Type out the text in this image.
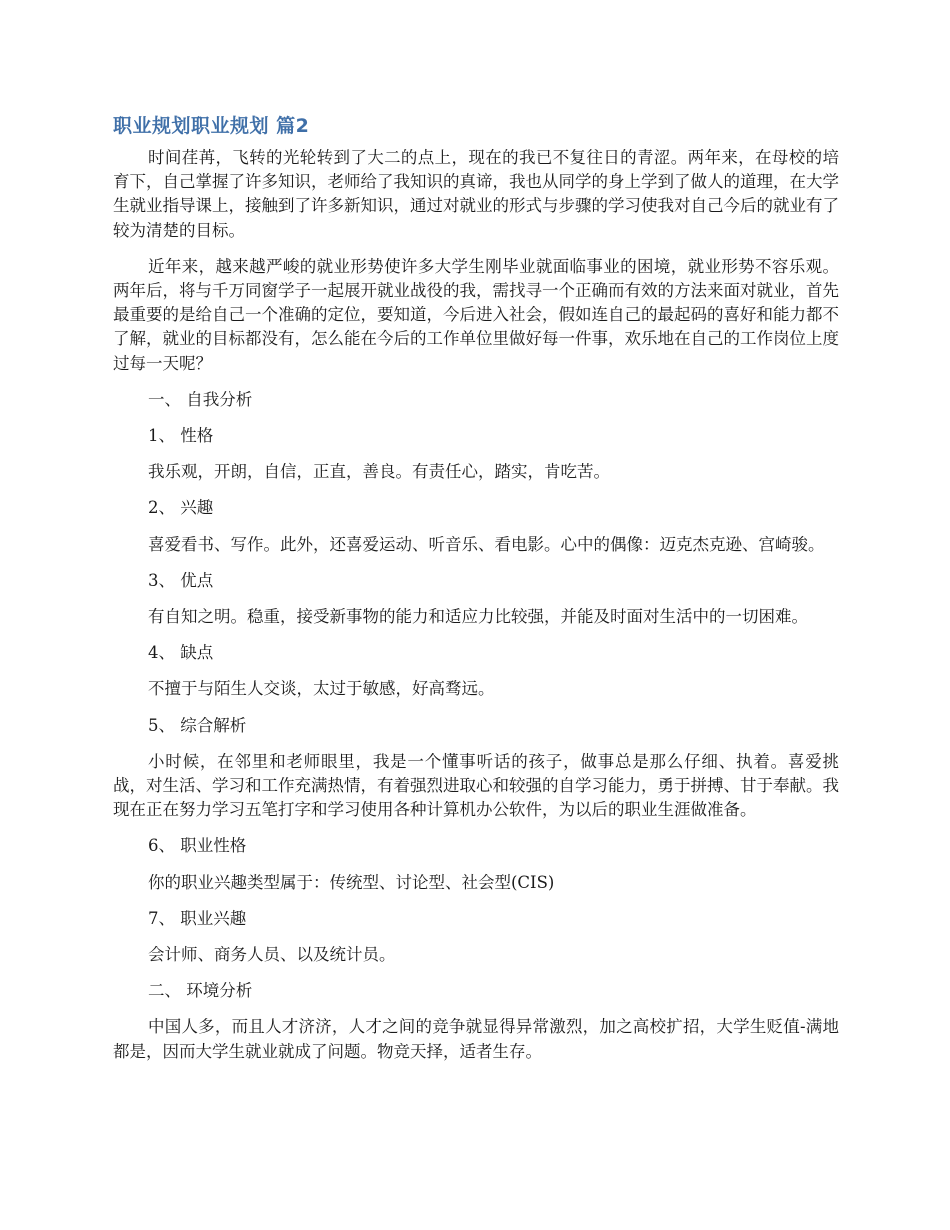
职业规划职业规划 篇2

时间荏苒，飞转的光轮转到了大二的点上，现在的我已不复往日的青涩。两年来，在母校的培育下，自己掌握了许多知识，老师给了我知识的真谛，我也从同学的身上学到了做人的道理，在大学生就业指导课上，接触到了许多新知识，通过对就业的形式与步骤的学习使我对自己今后的就业有了较为清楚的目标。

近年来，越来越严峻的就业形势使许多大学生刚毕业就面临事业的困境，就业形势不容乐观。两年后，将与千万同窗学子一起展开就业战役的我，需找寻一个正确而有效的方法来面对就业，首先最重要的是给自己一个准确的定位，要知道，今后进入社会，假如连自己的最起码的喜好和能力都不了解，就业的目标都没有，怎么能在今后的工作单位里做好每一件事，欢乐地在自己的工作岗位上度过每一天呢？

一、 自我分析

1、 性格

我乐观，开朗，自信，正直，善良。有责任心，踏实，肯吃苦。

2、 兴趣

喜爱看书、写作。此外，还喜爱运动、听音乐、看电影。心中的偶像：迈克杰克逊、宫崎骏。

3、 优点

有自知之明。稳重，接受新事物的能力和适应力比较强，并能及时面对生活中的一切困难。

4、 缺点

不擅于与陌生人交谈，太过于敏感，好高骛远。

5、 综合解析

小时候，在邻里和老师眼里，我是一个懂事听话的孩子，做事总是那么仔细、执着。喜爱挑战，对生活、学习和工作充满热情，有着强烈进取心和较强的自学习能力，勇于拼搏、甘于奉献。我现在正在努力学习五笔打字和学习使用各种计算机办公软件，为以后的职业生涯做准备。

6、 职业性格

你的职业兴趣类型属于：传统型、讨论型、社会型(CIS)

7、 职业兴趣

会计师、商务人员、以及统计员。

二、 环境分析

中国人多，而且人才济济，人才之间的竞争就显得异常激烈，加之高校扩招，大学生贬值-满地都是，因而大学生就业就成了问题。物竞天择，适者生存。
